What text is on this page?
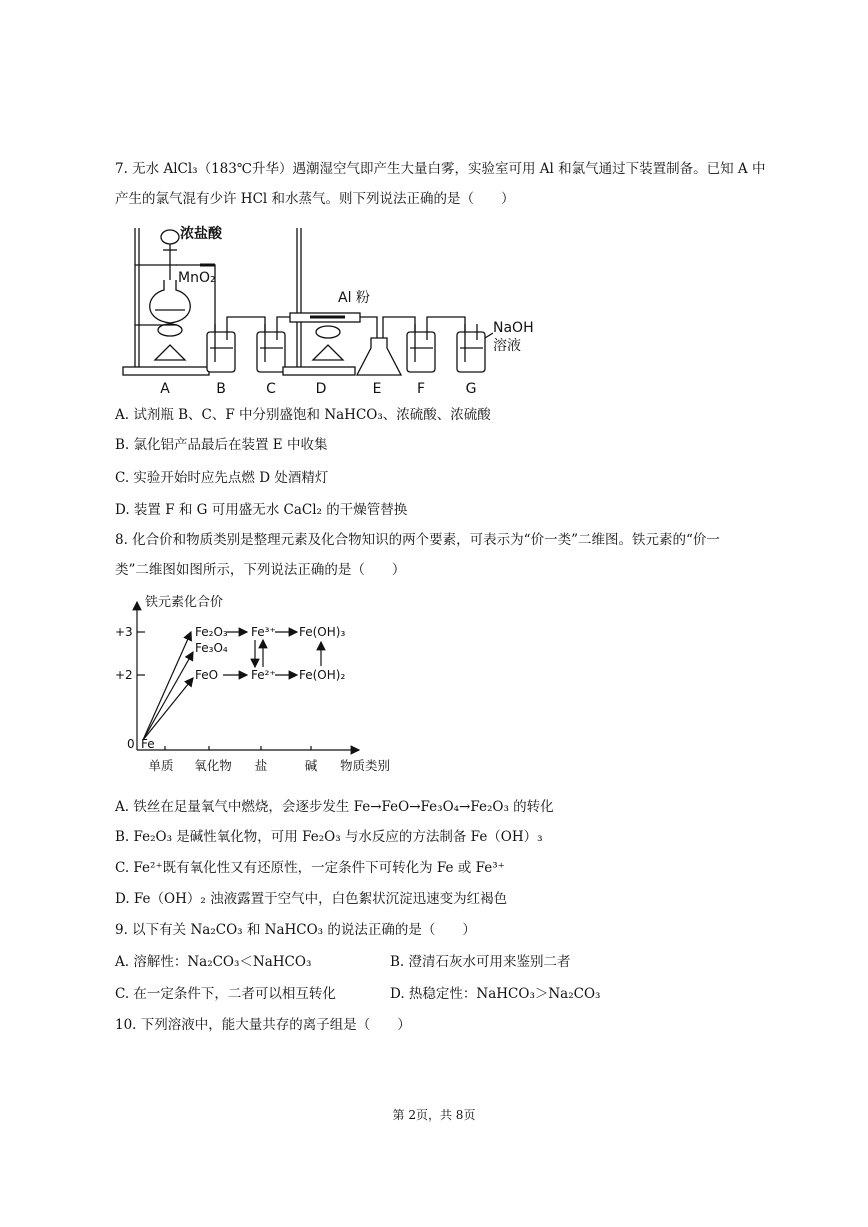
7. 无水 AlCl₃（183℃升华）遇潮湿空气即产生大量白雾，实验室可用 Al 和氯气通过下装置制备。已知 A 中
产生的氯气混有少许 HCl 和水蒸气。则下列说法正确的是（　　）
浓盐酸
MnO₂
Al 粉
NaOH
溶液
A	B	C	D	E	F	G
A. 试剂瓶 B、C、F 中分别盛饱和 NaHCO₃、浓硫酸、浓硫酸
B. 氯化铝产品最后在装置 E 中收集
C. 实验开始时应先点燃 D 处酒精灯
D. 装置 F 和 G 可用盛无水 CaCl₂ 的干燥管替换
8. 化合价和物质类别是整理元素及化合物知识的两个要素，可表示为“价一类”二维图。铁元素的“价一
类”二维图如图所示，下列说法正确的是（　　）
铁元素化合价
+3
+2
0 Fe
Fe₂O₃
Fe₃O₄
FeO
Fe³⁺
Fe²⁺
Fe(OH)₃
Fe(OH)₂
单质 氧化物 盐	碱 物质类别
A. 铁丝在足量氧气中燃烧，会逐步发生 Fe→FeO→Fe₃O₄→Fe₂O₃ 的转化
B. Fe₂O₃ 是碱性氧化物，可用 Fe₂O₃ 与水反应的方法制备 Fe（OH）₃
C. Fe²⁺既有氧化性又有还原性，一定条件下可转化为 Fe 或 Fe³⁺
D. Fe（OH）₂ 浊液露置于空气中，白色絮状沉淀迅速变为红褐色
9. 以下有关 Na₂CO₃ 和 NaHCO₃ 的说法正确的是（　　）
A. 溶解性：Na₂CO₃＜NaHCO₃	B. 澄清石灰水可用来鉴别二者
C. 在一定条件下，二者可以相互转化	D. 热稳定性：NaHCO₃＞Na₂CO₃
10. 下列溶液中，能大量共存的离子组是（　　）
第 2页，共 8页
